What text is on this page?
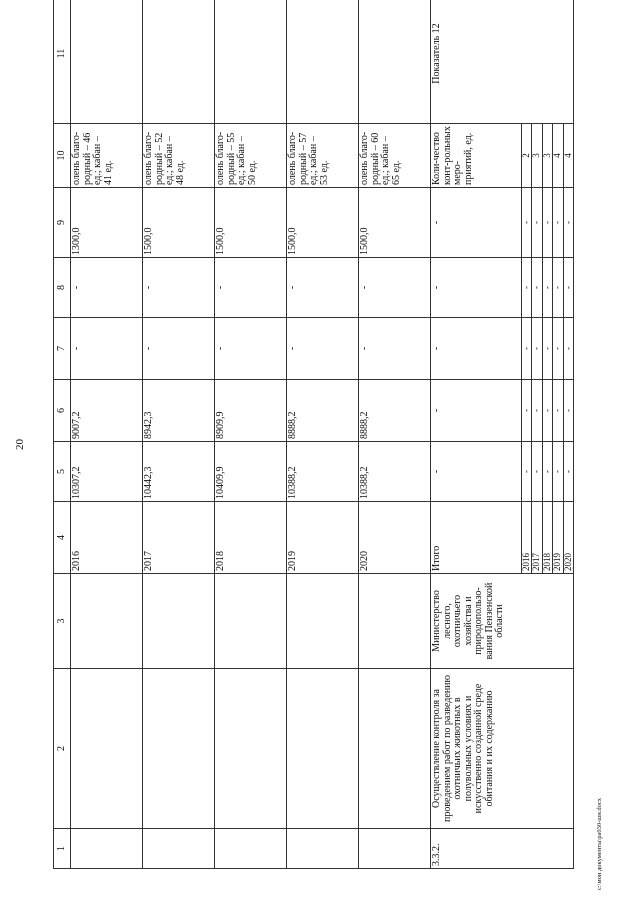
20
1	2	3	4	5	6	7	8	9	10	11
			2016	10307,2	9007,2	-	-	1300,0	олень благо-родный – 46 ед.; кабан – 41 ед.	
			2017	10442,3	8942,3	-	-	1500,0	олень благо-родный – 52 ед.; кабан – 48 ед.	
			2018	10409,9	8909,9	-	-	1500,0	олень благо-родный – 55 ед.; кабан – 50 ед.	
			2019	10388,2	8888,2	-	-	1500,0	олень благо-родный – 57 ед.; кабан – 53 ед.	
			2020	10388,2	8888,2	-	-	1500,0	олень благо-родный – 60 ед.; кабан – 65 ед.	
3.3.2.	Осуществление контроля за проведением работ по разведению охотничьих животных в полувольных условиях и искусственно созданной среде обитания и их содержанию	Министерство лесного, охотничьего хозяйства и природопользо-вания Пензенской области	Итого	-	-	-	-	-	Коли-чество конт-рольных меро-приятий, ед.	Показатель 12
			2016	-	-	-	-	-	2	
			2017	-	-	-	-	-	3	
			2018	-	-	-	-	-	3	
			2019	-	-	-	-	-	4	
			2020	-	-	-	-	-	4	
c:\мои документы\pa030-шн.docx
